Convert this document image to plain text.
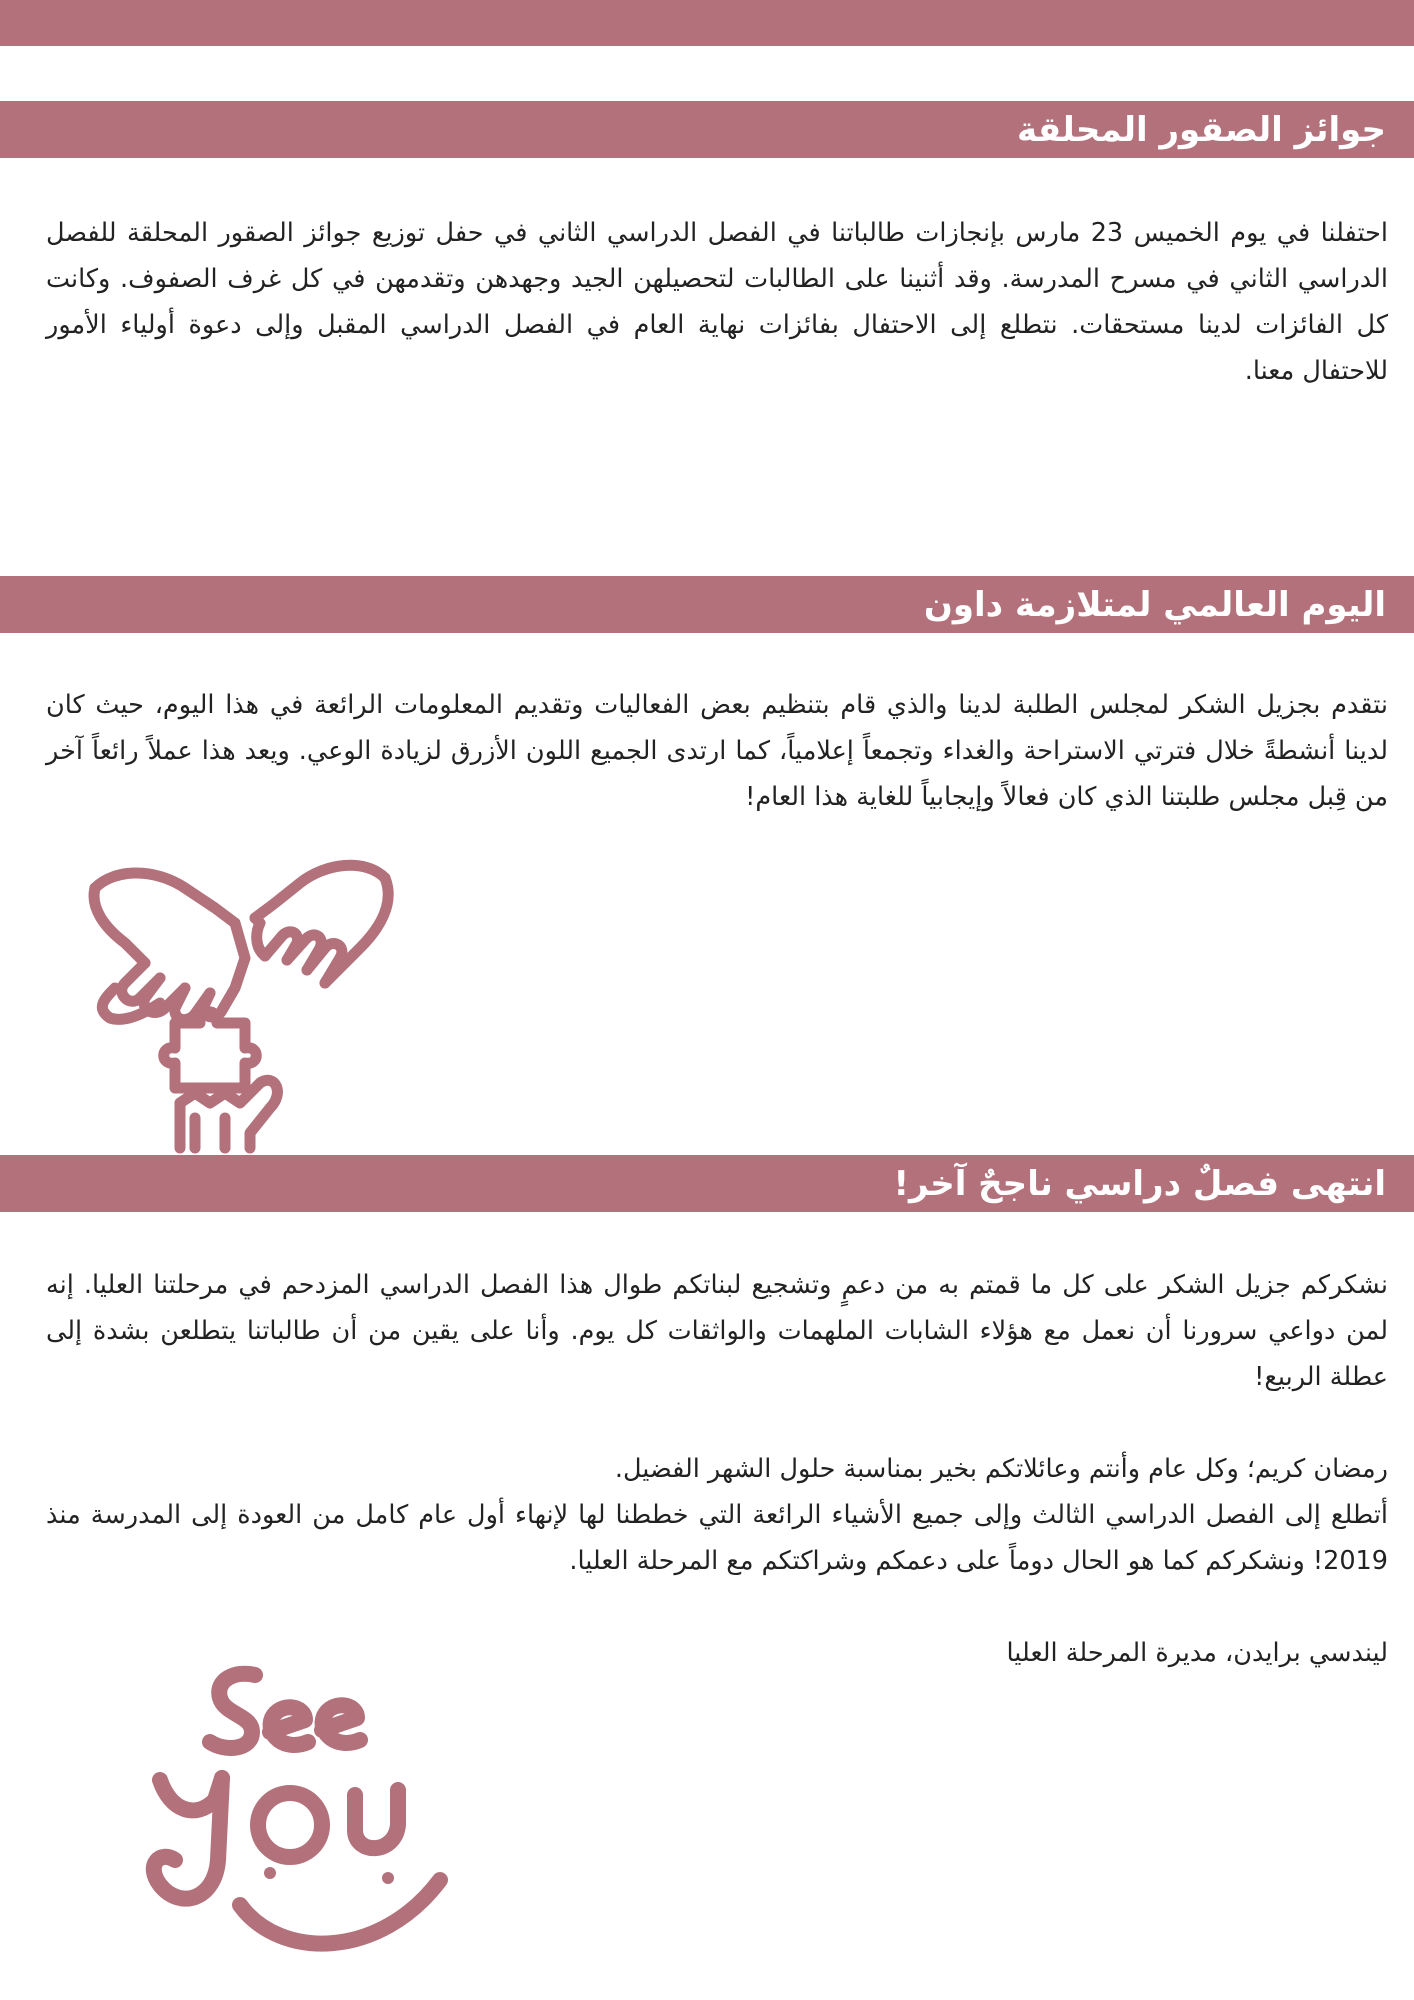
جوائز الصقور المحلقة

احتفلنا في يوم الخميس 23 مارس بإنجازات طالباتنا في الفصل الدراسي الثاني في حفل توزيع جوائز الصقور المحلقة للفصل الدراسي الثاني في مسرح المدرسة. وقد أثنينا على الطالبات لتحصيلهن الجيد وجهدهن وتقدمهن في كل غرف الصفوف. وكانت كل الفائزات لدينا مستحقات. نتطلع إلى الاحتفال بفائزات نهاية العام في الفصل الدراسي المقبل وإلى دعوة أولياء الأمور للاحتفال معنا.

اليوم العالمي لمتلازمة داون

نتقدم بجزيل الشكر لمجلس الطلبة لدينا والذي قام بتنظيم بعض الفعاليات وتقديم المعلومات الرائعة في هذا اليوم، حيث كان لدينا أنشطةً خلال فترتي الاستراحة والغداء وتجمعاً إعلامياً، كما ارتدى الجميع اللون الأزرق لزيادة الوعي. ويعد هذا عملاً رائعاً آخر من قِبل مجلس طلبتنا الذي كان فعالاً وإيجابياً للغاية هذا العام!

انتهى فصلٌ دراسي ناجحٌ آخر!

نشكركم جزيل الشكر على كل ما قمتم به من دعمٍ وتشجيع لبناتكم طوال هذا الفصل الدراسي المزدحم في مرحلتنا العليا. إنه لمن دواعي سرورنا أن نعمل مع هؤلاء الشابات الملهمات والواثقات كل يوم. وأنا على يقين من أن طالباتنا يتطلعن بشدة إلى عطلة الربيع!

رمضان كريم؛ وكل عام وأنتم وعائلاتكم بخير بمناسبة حلول الشهر الفضيل.

أتطلع إلى الفصل الدراسي الثالث وإلى جميع الأشياء الرائعة التي خططنا لها لإنهاء أول عام كامل من العودة إلى المدرسة منذ 2019! ونشكركم كما هو الحال دوماً على دعمكم وشراكتكم مع المرحلة العليا.

ليندسي برايدن، مديرة المرحلة العليا
